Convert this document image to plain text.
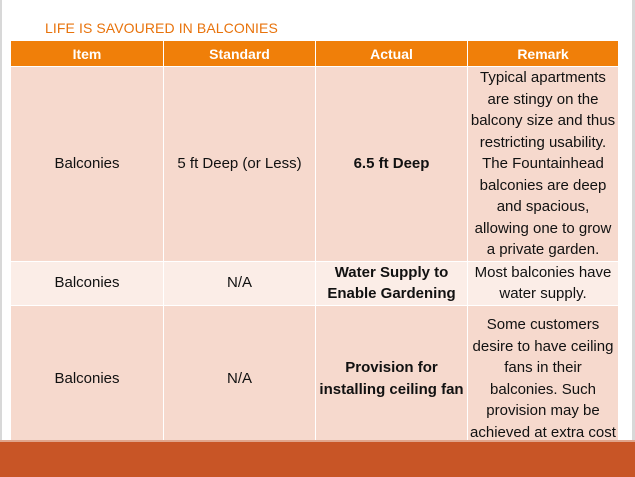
LIFE IS SAVOURED IN BALCONIES
Item	Standard	Actual	Remark
Balconies	5 ft Deep (or Less)	6.5 ft Deep	Typical apartments are stingy on the balcony size and thus restricting usability. The Fountainhead balconies are deep and spacious, allowing one to grow a private garden.
Balconies	N/A	Water Supply to Enable Gardening	Most balconies have water supply.
Balconies	N/A	Provision for installing ceiling fan	Some customers desire to have ceiling fans in their balconies. Such provision may be achieved at extra cost
